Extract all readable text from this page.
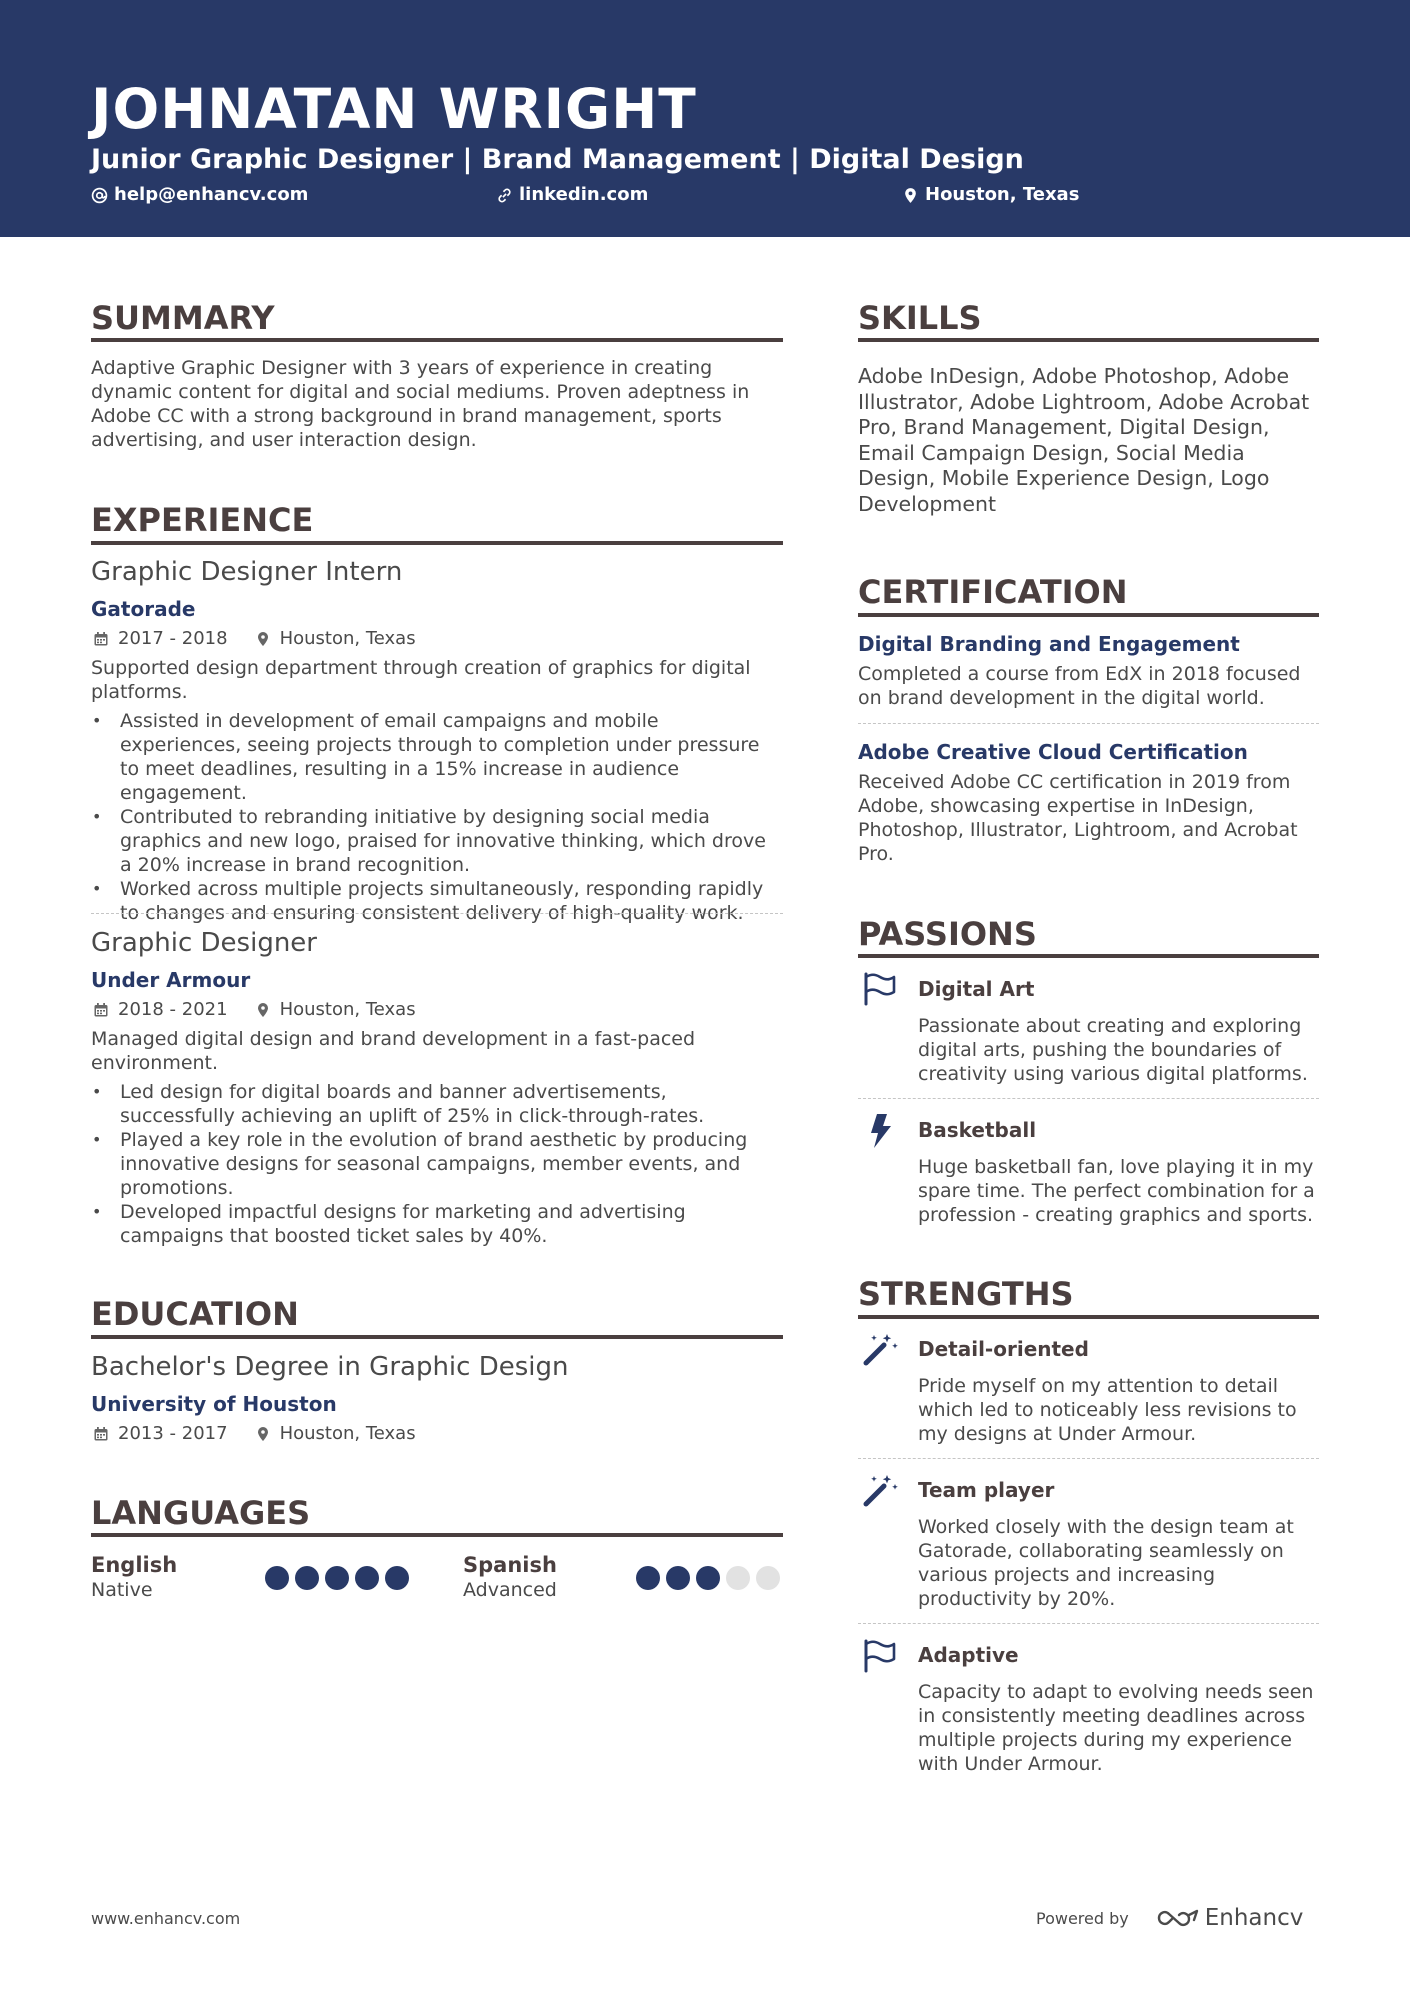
JOHNATAN WRIGHT
Junior Graphic Designer | Brand Management | Digital Design
help@enhancv.com	linkedin.com	Houston, Texas
SUMMARY
Adaptive Graphic Designer with 3 years of experience in creating dynamic content for digital and social mediums. Proven adeptness in Adobe CC with a strong background in brand management, sports advertising, and user interaction design.
EXPERIENCE
Graphic Designer Intern
Gatorade
2017 - 2018	Houston, Texas
Supported design department through creation of graphics for digital platforms.
• Assisted in development of email campaigns and mobile experiences, seeing projects through to completion under pressure to meet deadlines, resulting in a 15% increase in audience engagement.
• Contributed to rebranding initiative by designing social media graphics and new logo, praised for innovative thinking, which drove a 20% increase in brand recognition.
• Worked across multiple projects simultaneously, responding rapidly to changes and ensuring consistent delivery of high-quality work.
Graphic Designer
Under Armour
2018 - 2021	Houston, Texas
Managed digital design and brand development in a fast-paced environment.
• Led design for digital boards and banner advertisements, successfully achieving an uplift of 25% in click-through-rates.
• Played a key role in the evolution of brand aesthetic by producing innovative designs for seasonal campaigns, member events, and promotions.
• Developed impactful designs for marketing and advertising campaigns that boosted ticket sales by 40%.
EDUCATION
Bachelor's Degree in Graphic Design
University of Houston
2013 - 2017	Houston, Texas
LANGUAGES
English
Native
Spanish
Advanced
SKILLS
Adobe InDesign, Adobe Photoshop, Adobe Illustrator, Adobe Lightroom, Adobe Acrobat Pro, Brand Management, Digital Design, Email Campaign Design, Social Media Design, Mobile Experience Design, Logo Development
CERTIFICATION
Digital Branding and Engagement
Completed a course from EdX in 2018 focused on brand development in the digital world.
Adobe Creative Cloud Certification
Received Adobe CC certification in 2019 from Adobe, showcasing expertise in InDesign, Photoshop, Illustrator, Lightroom, and Acrobat Pro.
PASSIONS
Digital Art
Passionate about creating and exploring digital arts, pushing the boundaries of creativity using various digital platforms.
Basketball
Huge basketball fan, love playing it in my spare time. The perfect combination for a profession - creating graphics and sports.
STRENGTHS
Detail-oriented
Pride myself on my attention to detail which led to noticeably less revisions to my designs at Under Armour.
Team player
Worked closely with the design team at Gatorade, collaborating seamlessly on various projects and increasing productivity by 20%.
Adaptive
Capacity to adapt to evolving needs seen in consistently meeting deadlines across multiple projects during my experience with Under Armour.
www.enhancv.com	Powered by	Enhancv
